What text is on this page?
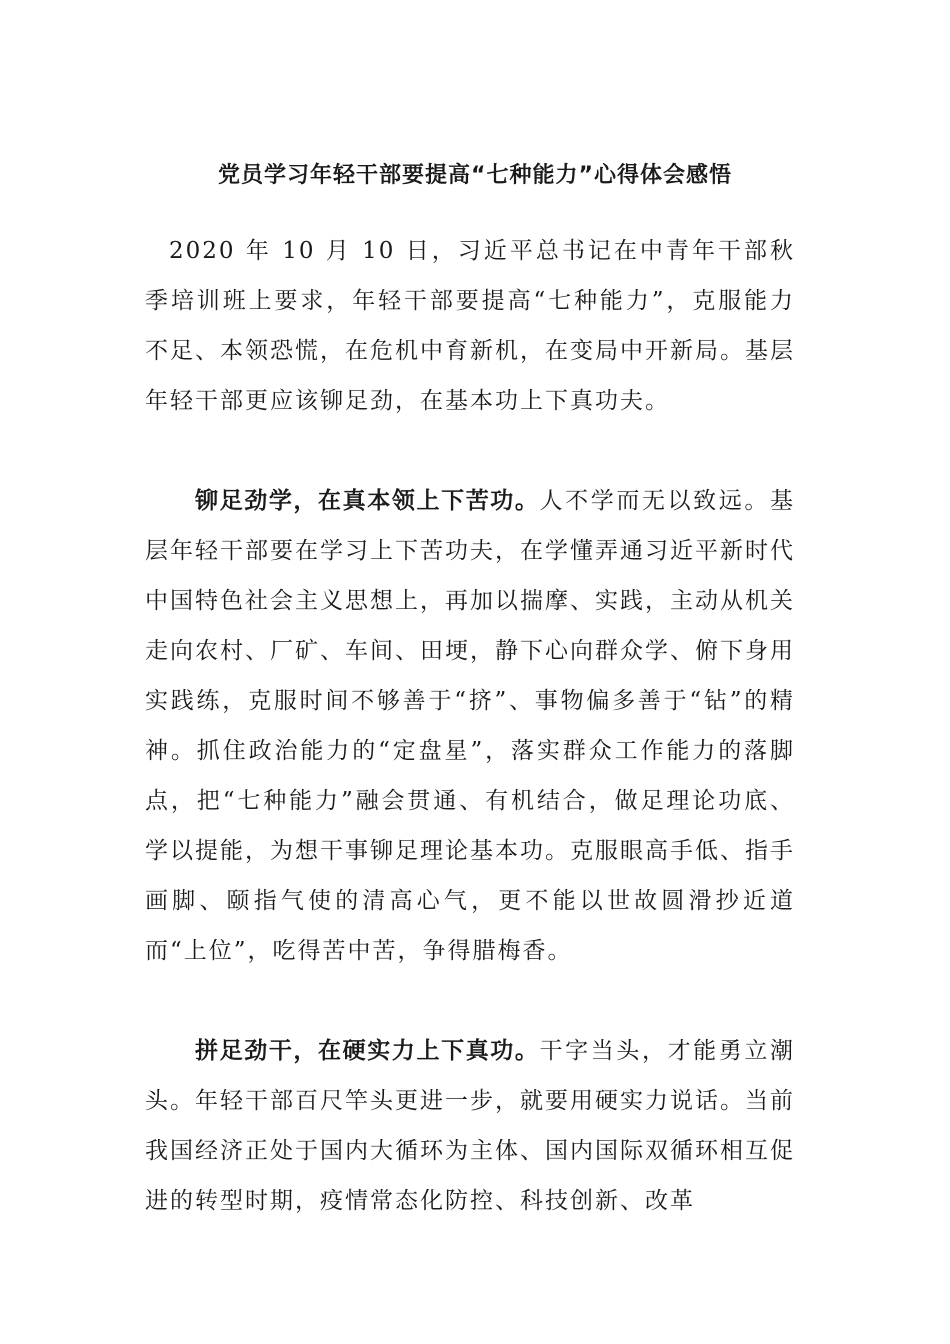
党员学习年轻干部要提高“七种能力”心得体会感悟

2020 年 10 月 10 日，习近平总书记在中青年干部秋季培训班上要求，年轻干部要提高“七种能力”，克服能力不足、本领恐慌，在危机中育新机，在变局中开新局。基层年轻干部更应该铆足劲，在基本功上下真功夫。

铆足劲学，在真本领上下苦功。人不学而无以致远。基层年轻干部要在学习上下苦功夫，在学懂弄通习近平新时代中国特色社会主义思想上，再加以揣摩、实践，主动从机关走向农村、厂矿、车间、田埂，静下心向群众学、俯下身用实践练，克服时间不够善于“挤”、事物偏多善于“钻”的精神。抓住政治能力的“定盘星”，落实群众工作能力的落脚点，把“七种能力”融会贯通、有机结合，做足理论功底、学以提能，为想干事铆足理论基本功。克服眼高手低、指手画脚、颐指气使的清高心气，更不能以世故圆滑抄近道而“上位”，吃得苦中苦，争得腊梅香。

拼足劲干，在硬实力上下真功。干字当头，才能勇立潮头。年轻干部百尺竿头更进一步，就要用硬实力说话。当前我国经济正处于国内大循环为主体、国内国际双循环相互促进的转型时期，疫情常态化防控、科技创新、改革
